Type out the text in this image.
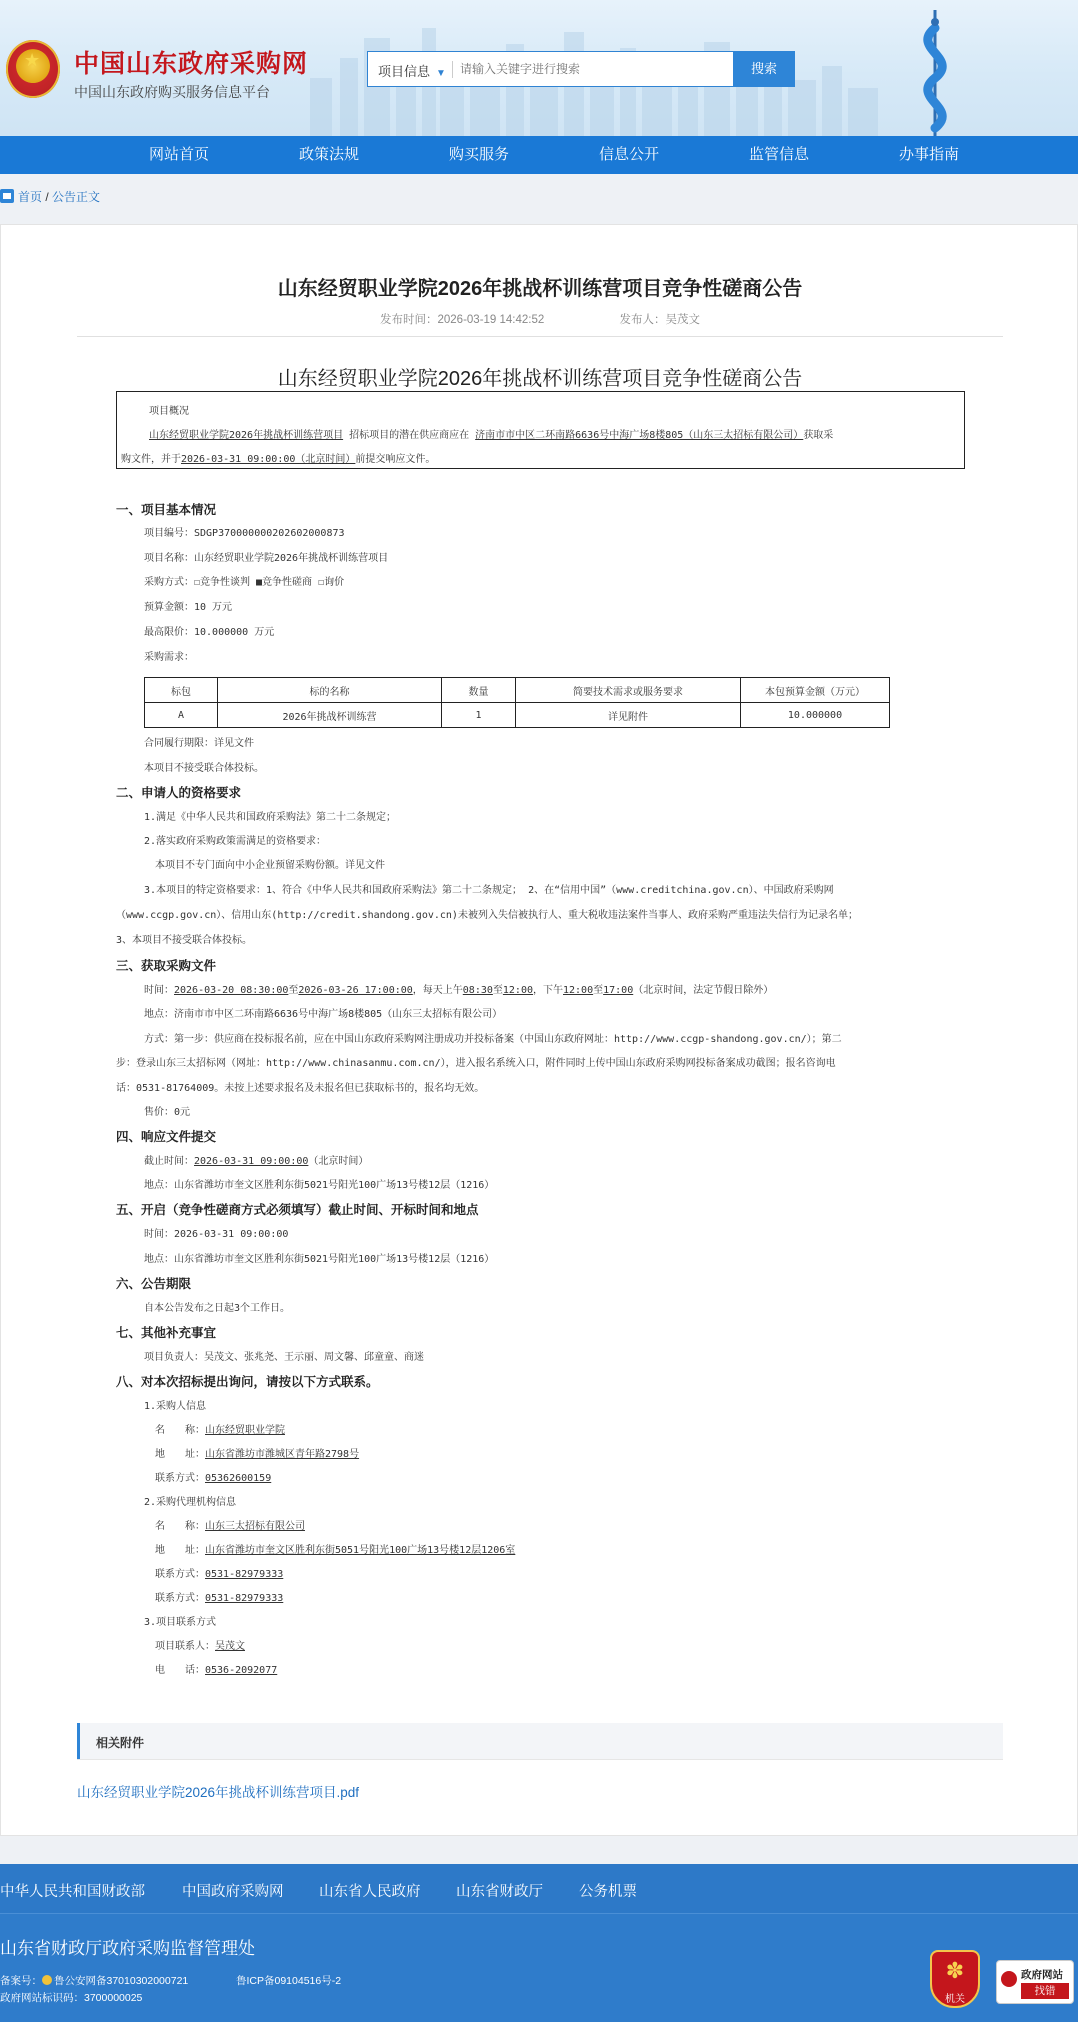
★
中国山东政府采购网
中国山东政府购买服务信息平台
项目信息 ▼
请输入关键字进行搜索	搜索
网站首页	政策法规	购买服务	信息公开	监管信息	办事指南
首页 / 公告正文
山东经贸职业学院2026年挑战杯训练营项目竞争性磋商公告
发布时间：2026-03-19 14:42:52	发布人：吴茂文
山东经贸职业学院2026年挑战杯训练营项目竞争性磋商公告
项目概况
山东经贸职业学院2026年挑战杯训练营项目 招标项目的潜在供应商应在 济南市市中区二环南路6636号中海广场8楼805（山东三太招标有限公司）获取采
购文件，并于2026-03-31 09:00:00（北京时间）前提交响应文件。
一、项目基本情况
项目编号：SDGP370000000202602000873
项目名称：山东经贸职业学院2026年挑战杯训练营项目
采购方式：☐竞争性谈判 ■竞争性磋商 ☐询价
预算金额：10 万元
最高限价：10.000000 万元
采购需求：
标包	标的名称	数量	简要技术需求或服务要求	本包预算金额（万元）
A	2026年挑战杯训练营	1	详见附件	10.000000
合同履行期限：详见文件
本项目不接受联合体投标。
二、申请人的资格要求
1.满足《中华人民共和国政府采购法》第二十二条规定；
2.落实政府采购政策需满足的资格要求：
本项目不专门面向中小企业预留采购份额。详见文件
3.本项目的特定资格要求：1、符合《中华人民共和国政府采购法》第二十二条规定； 2、在“信用中国”（www.creditchina.gov.cn）、中国政府采购网
（www.ccgp.gov.cn）、信用山东(http://credit.shandong.gov.cn)未被列入失信被执行人、重大税收违法案件当事人、政府采购严重违法失信行为记录名单；
3、本项目不接受联合体投标。
三、获取采购文件
时间：2026-03-20 08:30:00至2026-03-26 17:00:00，每天上午08:30至12:00，下午12:00至17:00（北京时间，法定节假日除外）
地点：济南市市中区二环南路6636号中海广场8楼805（山东三太招标有限公司）
方式：第一步：供应商在投标报名前，应在中国山东政府采购网注册成功并投标备案（中国山东政府网址：http://www.ccgp-shandong.gov.cn/）；第二
步：登录山东三太招标网（网址：http://www.chinasanmu.com.cn/），进入报名系统入口，附件同时上传中国山东政府采购网投标备案成功截图；报名咨询电
话：0531-81764009。未按上述要求报名及未报名但已获取标书的，报名均无效。
售价：0元
四、响应文件提交
截止时间：2026-03-31 09:00:00（北京时间）
地点：山东省潍坊市奎文区胜利东街5021号阳光100广场13号楼12层（1216）
五、开启（竞争性磋商方式必须填写）截止时间、开标时间和地点
时间：2026-03-31 09:00:00
地点：山东省潍坊市奎文区胜利东街5021号阳光100广场13号楼12层（1216）
六、公告期限
自本公告发布之日起3个工作日。
七、其他补充事宜
项目负责人：吴茂文、张兆尧、王示丽、周文馨、邱童童、商迷
八、对本次招标提出询问，请按以下方式联系。
1.采购人信息
名　　称：山东经贸职业学院
地　　址：山东省潍坊市潍城区青年路2798号
联系方式：05362600159
2.采购代理机构信息
名　　称：山东三太招标有限公司
地　　址：山东省潍坊市奎文区胜利东街5051号阳光100广场13号楼12层1206室
联系方式：0531-82979333
联系方式：0531-82979333
3.项目联系方式
项目联系人：吴茂文
电　　话：0536-2092077
相关附件
山东经贸职业学院2026年挑战杯训练营项目.pdf
中华人民共和国财政部	中国政府采购网 山东省人民政府 山东省财政厅 公务机票
山东省财政厅政府采购监督管理处
备案号： 鲁公安网备37010302000721	鲁ICP备09104516号-2
政府网站标识码：3700000025
✽
机关
政府网站
找错
